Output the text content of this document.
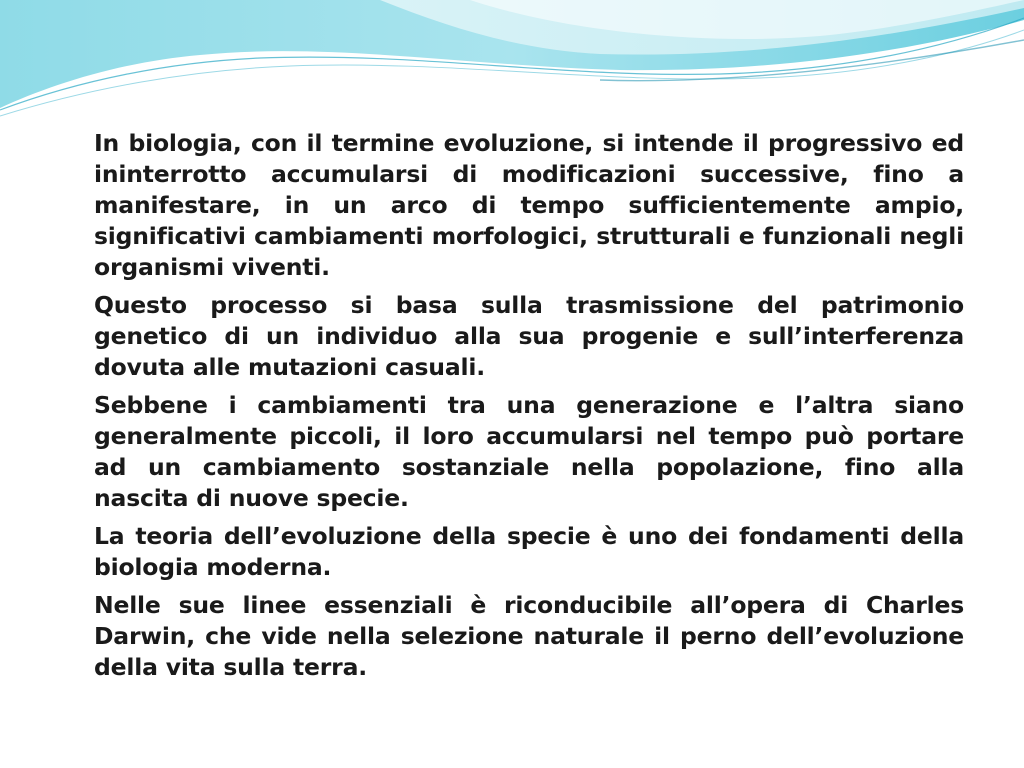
In biologia, con il termine evoluzione, si intende il progressivo ed ininterrotto accumularsi di modificazioni successive, fino a manifestare, in un arco di tempo sufficientemente ampio, significativi cambiamenti morfologici, strutturali e funzionali negli organismi viventi.

Questo processo si basa sulla trasmissione del patrimonio genetico di un individuo alla sua progenie e sull’interferenza dovuta alle mutazioni casuali.

Sebbene i cambiamenti tra una generazione e l’altra siano generalmente piccoli, il loro accumularsi nel tempo può portare ad un cambiamento sostanziale nella popolazione, fino alla nascita di nuove specie.

La teoria dell’evoluzione della specie è uno dei fondamenti della biologia moderna.

Nelle sue linee essenziali è riconducibile all’opera di Charles Darwin, che vide nella selezione naturale il perno dell’evoluzione della vita sulla terra.
